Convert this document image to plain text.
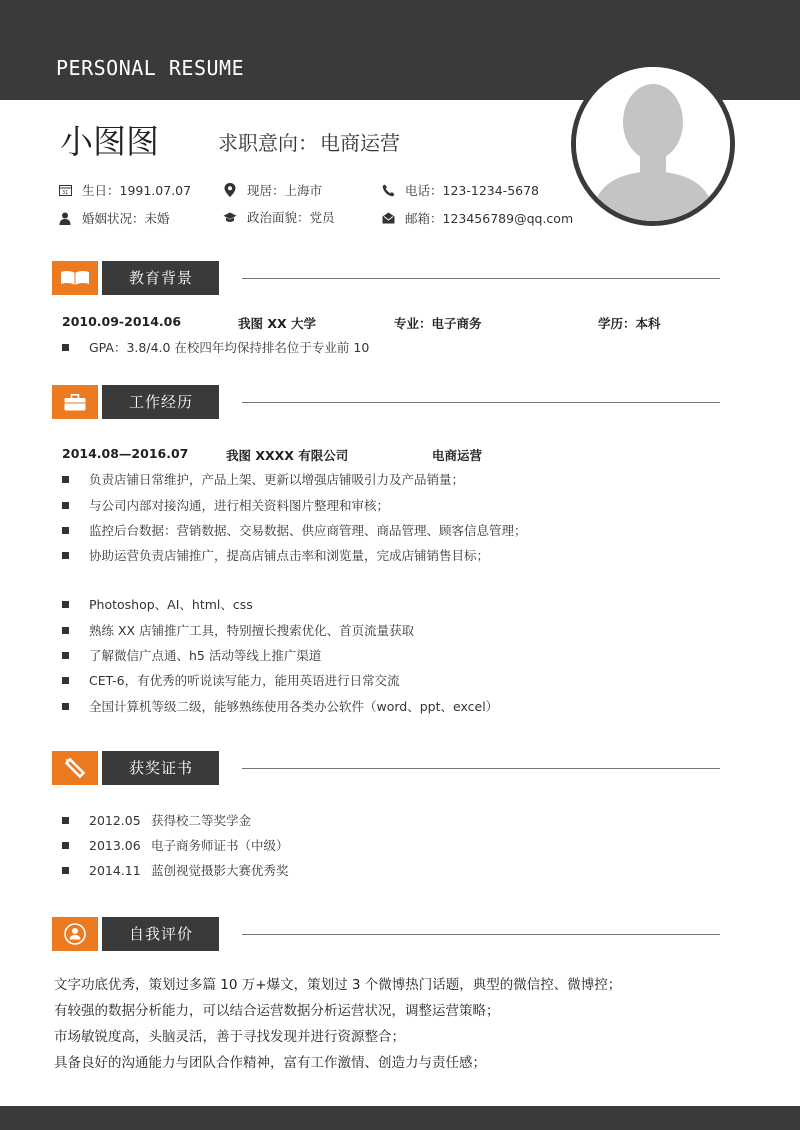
PERSONAL RESUME
小图图	求职意向： 电商运营
31 生日：1991.07.07	现居：上海市	电话：123-1234-5678
婚姻状况：未婚	政治面貌：党员	邮箱：123456789@qq.com
教育背景
2010.09-2014.06	我图 XX 大学	专业：电子商务	学历：本科
GPA：3.8/4.0 在校四年均保持排名位于专业前 10
工作经历
2014.08—2016.07	我图 XXXX 有限公司	电商运营
负责店铺日常维护，产品上架、更新以增强店铺吸引力及产品销量；
与公司内部对接沟通，进行相关资料图片整理和审核；
监控后台数据：营销数据、交易数据、供应商管理、商品管理、顾客信息管理；
协助运营负责店铺推广，提高店铺点击率和浏览量，完成店铺销售目标；
Photoshop、AI、html、css
熟练 XX 店铺推广工具，特别擅长搜索优化、首页流量获取
了解微信广点通、h5 活动等线上推广渠道
CET-6，有优秀的听说读写能力，能用英语进行日常交流
全国计算机等级二级，能够熟练使用各类办公软件（word、ppt、excel）
获奖证书
2012.05 获得校二等奖学金
2013.06 电子商务师证书（中级）
2014.11 蓝创视觉摄影大赛优秀奖
自我评价
文字功底优秀，策划过多篇 10 万+爆文，策划过 3 个微博热门话题，典型的微信控、微博控；
有较强的数据分析能力，可以结合运营数据分析运营状况，调整运营策略；
市场敏锐度高，头脑灵活，善于寻找发现并进行资源整合；
具备良好的沟通能力与团队合作精神，富有工作激情、创造力与责任感；
